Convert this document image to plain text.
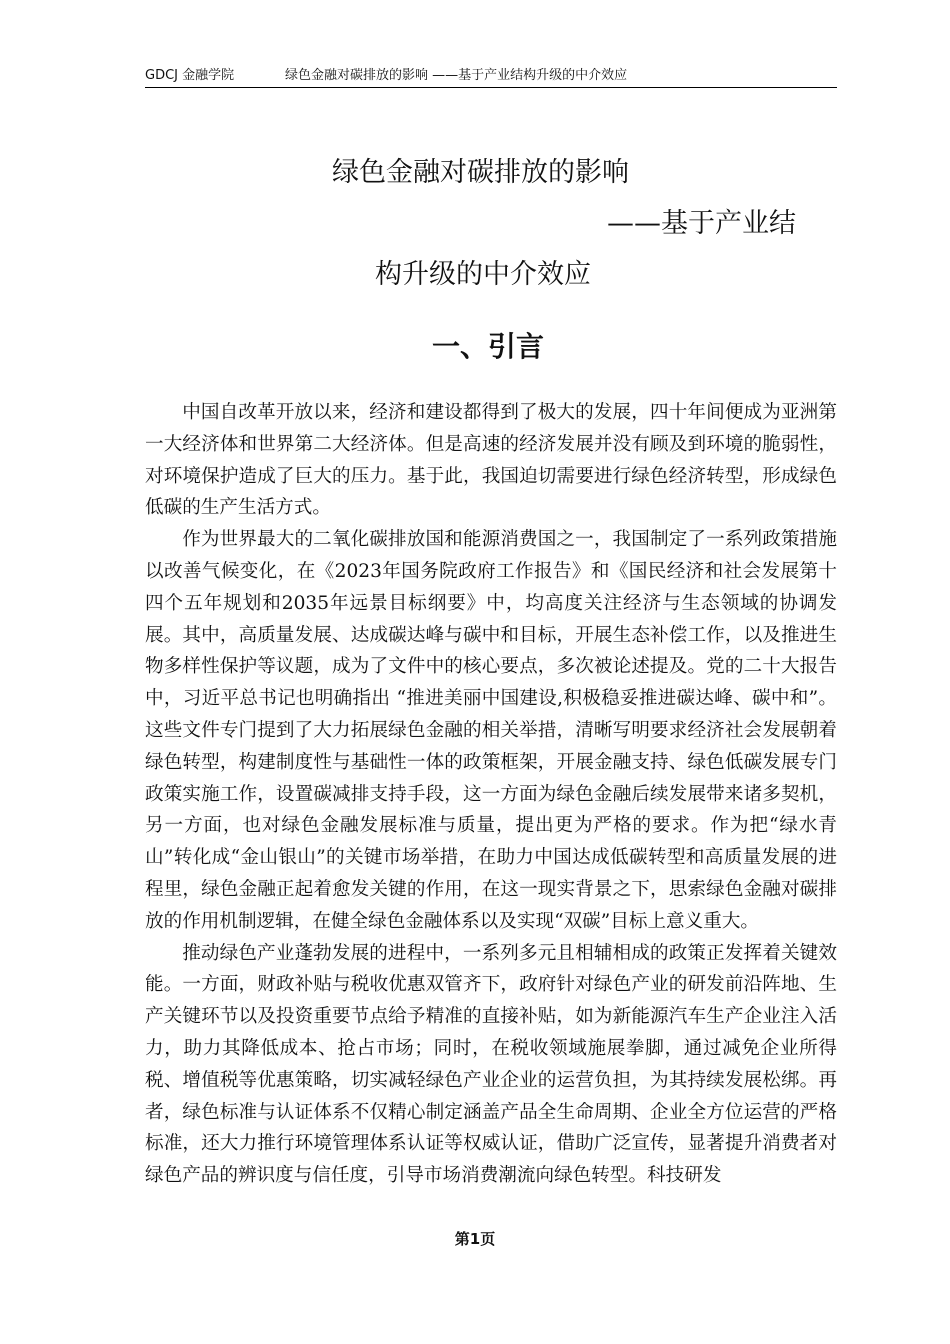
GDCJ 金融学院	绿色金融对碳排放的影响 ——基于产业结构升级的中介效应
绿色金融对碳排放的影响
——基于产业结
构升级的中介效应
一、引言

中国自改革开放以来，经济和建设都得到了极大的发展，四十年间便成为亚洲第一大经济体和世界第二大经济体。但是高速的经济发展并没有顾及到环境的脆弱性，对环境保护造成了巨大的压力。基于此，我国迫切需要进行绿色经济转型，形成绿色低碳的生产生活方式。

作为世界最大的二氧化碳排放国和能源消费国之一，我国制定了一系列政策措施以改善气候变化，在《2023年国务院政府工作报告》和《国民经济和社会发展第十四个五年规划和2035年远景目标纲要》中，均高度关注经济与生态领域的协调发展。其中，高质量发展、达成碳达峰与碳中和目标，开展生态补偿工作，以及推进生物多样性保护等议题，成为了文件中的核心要点，多次被论述提及。党的二十大报告中，习近平总书记也明确指出 “推进美丽中国建设,积极稳妥推进碳达峰、碳中和”。这些文件专门提到了大力拓展绿色金融的相关举措，清晰写明要求经济社会发展朝着绿色转型，构建制度性与基础性一体的政策框架，开展金融支持、绿色低碳发展专门政策实施工作，设置碳减排支持手段，这一方面为绿色金融后续发展带来诸多契机，另一方面，也对绿色金融发展标准与质量，提出更为严格的要求。作为把“绿水青山”转化成“金山银山”的关键市场举措，在助力中国达成低碳转型和高质量发展的进程里，绿色金融正起着愈发关键的作用，在这一现实背景之下，思索绿色金融对碳排放的作用机制逻辑，在健全绿色金融体系以及实现“双碳”目标上意义重大。

推动绿色产业蓬勃发展的进程中，一系列多元且相辅相成的政策正发挥着关键效能。一方面，财政补贴与税收优惠双管齐下，政府针对绿色产业的研发前沿阵地、生产关键环节以及投资重要节点给予精准的直接补贴，如为新能源汽车生产企业注入活力，助力其降低成本、抢占市场；同时，在税收领域施展拳脚，通过减免企业所得税、增值税等优惠策略，切实减轻绿色产业企业的运营负担，为其持续发展松绑。再者，绿色标准与认证体系不仅精心制定涵盖产品全生命周期、企业全方位运营的严格标准，还大力推行环境管理体系认证等权威认证，借助广泛宣传，显著提升消费者对绿色产品的辨识度与信任度，引导市场消费潮流向绿色转型。科技研发

第1页
